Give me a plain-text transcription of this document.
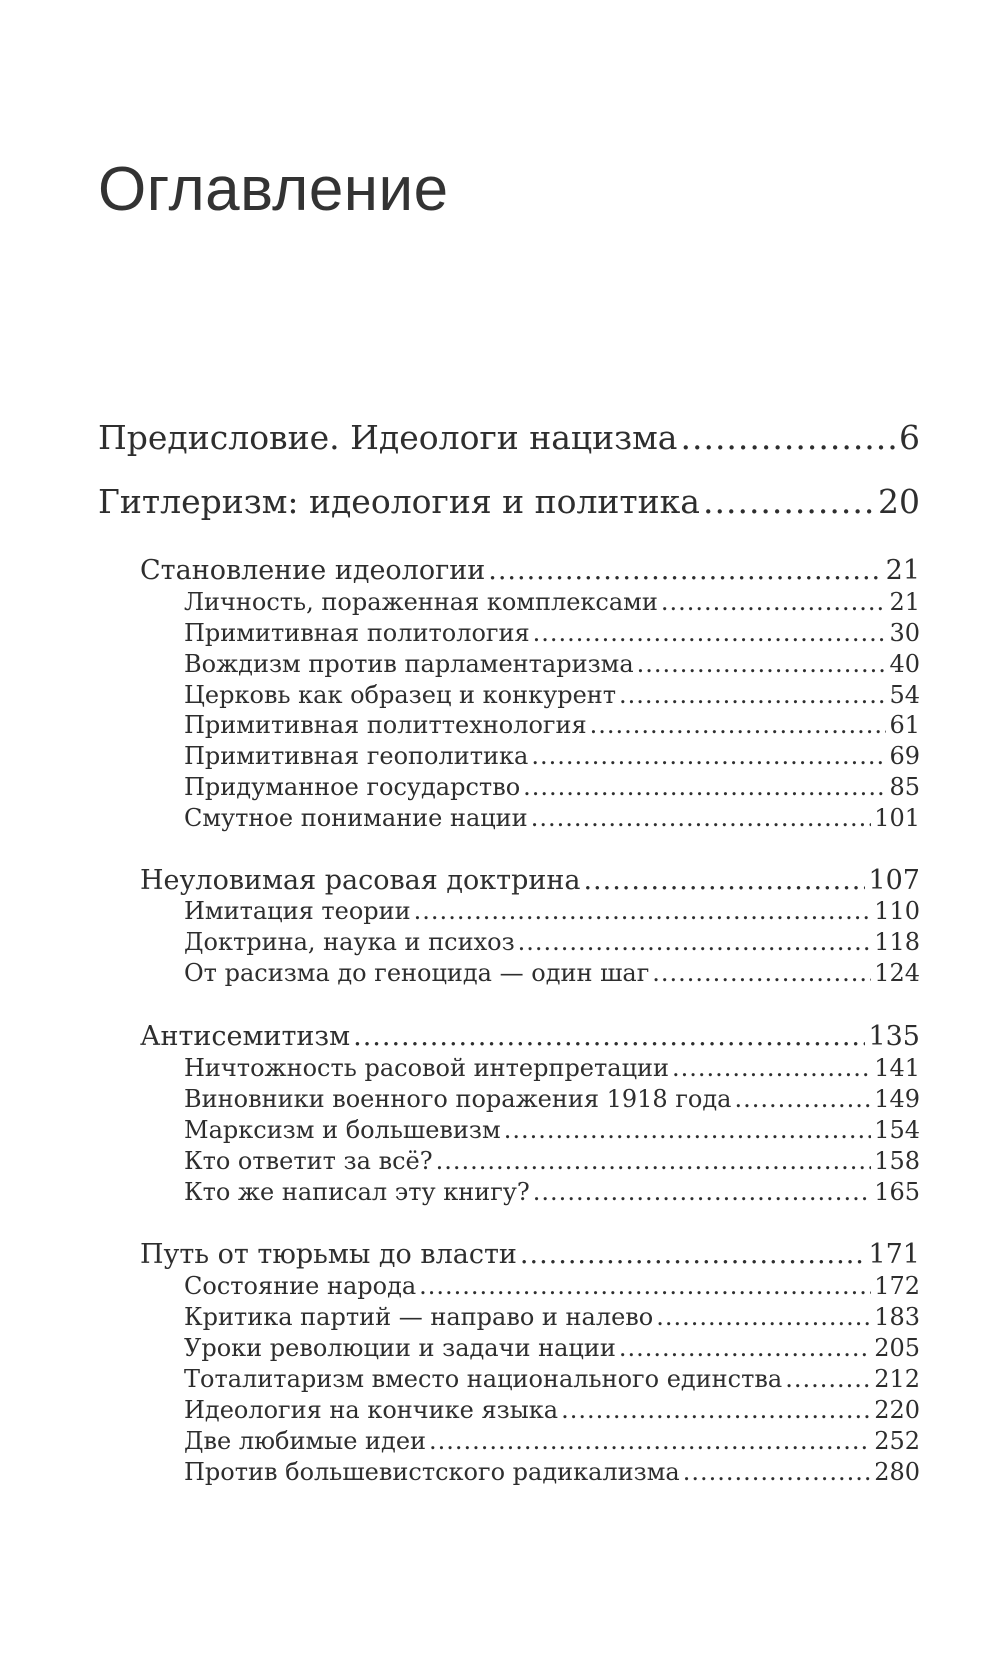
Оглавление
Предисловие. Идеологи нацизма .....	6
Гитлеризм: идеология и политика .....	20
Становление идеологии .....	21
Личность, пораженная комплексами .....	21
Примитивная политология .....	30
Вождизм против парламентаризма .....	40
Церковь как образец и конкурент .....	54
Примитивная политтехнология .....	61
Примитивная геополитика .....	69
Придуманное государство .....	85
Смутное понимание нации .....	101
Неуловимая расовая доктрина .....	107
Имитация теории .....	110
Доктрина, наука и психоз .....	118
От расизма до геноцида — один шаг .....	124
Антисемитизм .....	135
Ничтожность расовой интерпретации .....	141
Виновники военного поражения 1918 года .....	149
Марксизм и большевизм .....	154
Кто ответит за всё? .....	158
Кто же написал эту книгу? .....	165
Путь от тюрьмы до власти .....	171
Состояние народа .....	172
Критика партий — направо и налево .....	183
Уроки революции и задачи нации .....	205
Тоталитаризм вместо национального единства .....	212
Идеология на кончике языка .....	220
Две любимые идеи .....	252
Против большевистского радикализма .....	280
